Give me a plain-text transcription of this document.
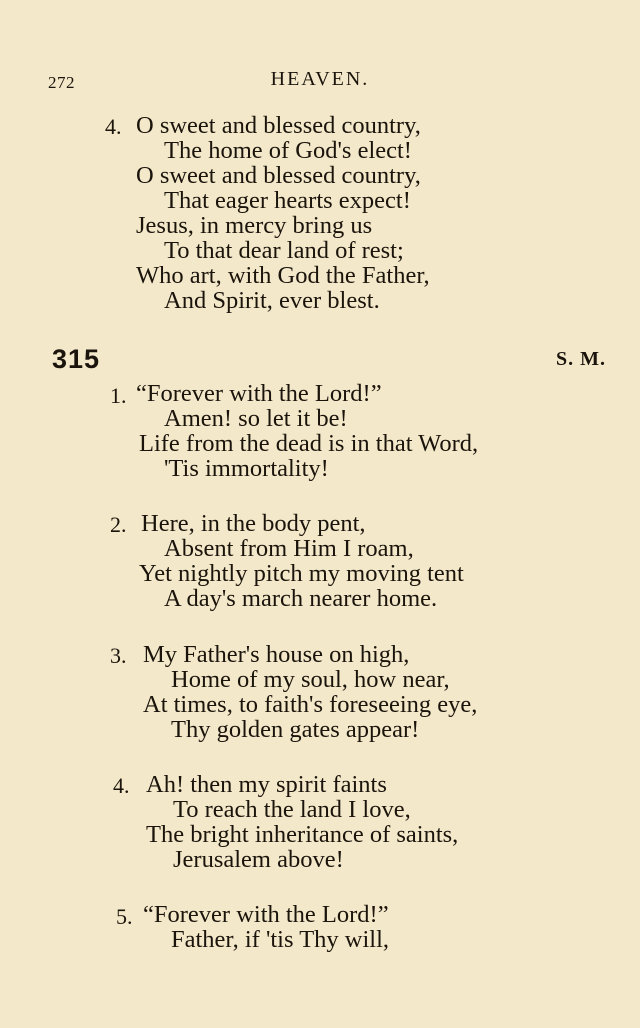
272	HEAVEN.
4. O sweet and blessed country,
The home of God's elect!
O sweet and blessed country,
That eager hearts expect!
Jesus, in mercy bring us
To that dear land of rest;
Who art, with God the Father,
And Spirit, ever blest.
315	S. M.
1. “Forever with the Lord!”
Amen! so let it be!
Life from the dead is in that Word,
'Tis immortality!
2. Here, in the body pent,
Absent from Him I roam,
Yet nightly pitch my moving tent
A day's march nearer home.
3. My Father's house on high,
Home of my soul, how near,
At times, to faith's foreseeing eye,
Thy golden gates appear!
4. Ah! then my spirit faints
To reach the land I love,
The bright inheritance of saints,
Jerusalem above!
5. “Forever with the Lord!”
Father, if 'tis Thy will,
